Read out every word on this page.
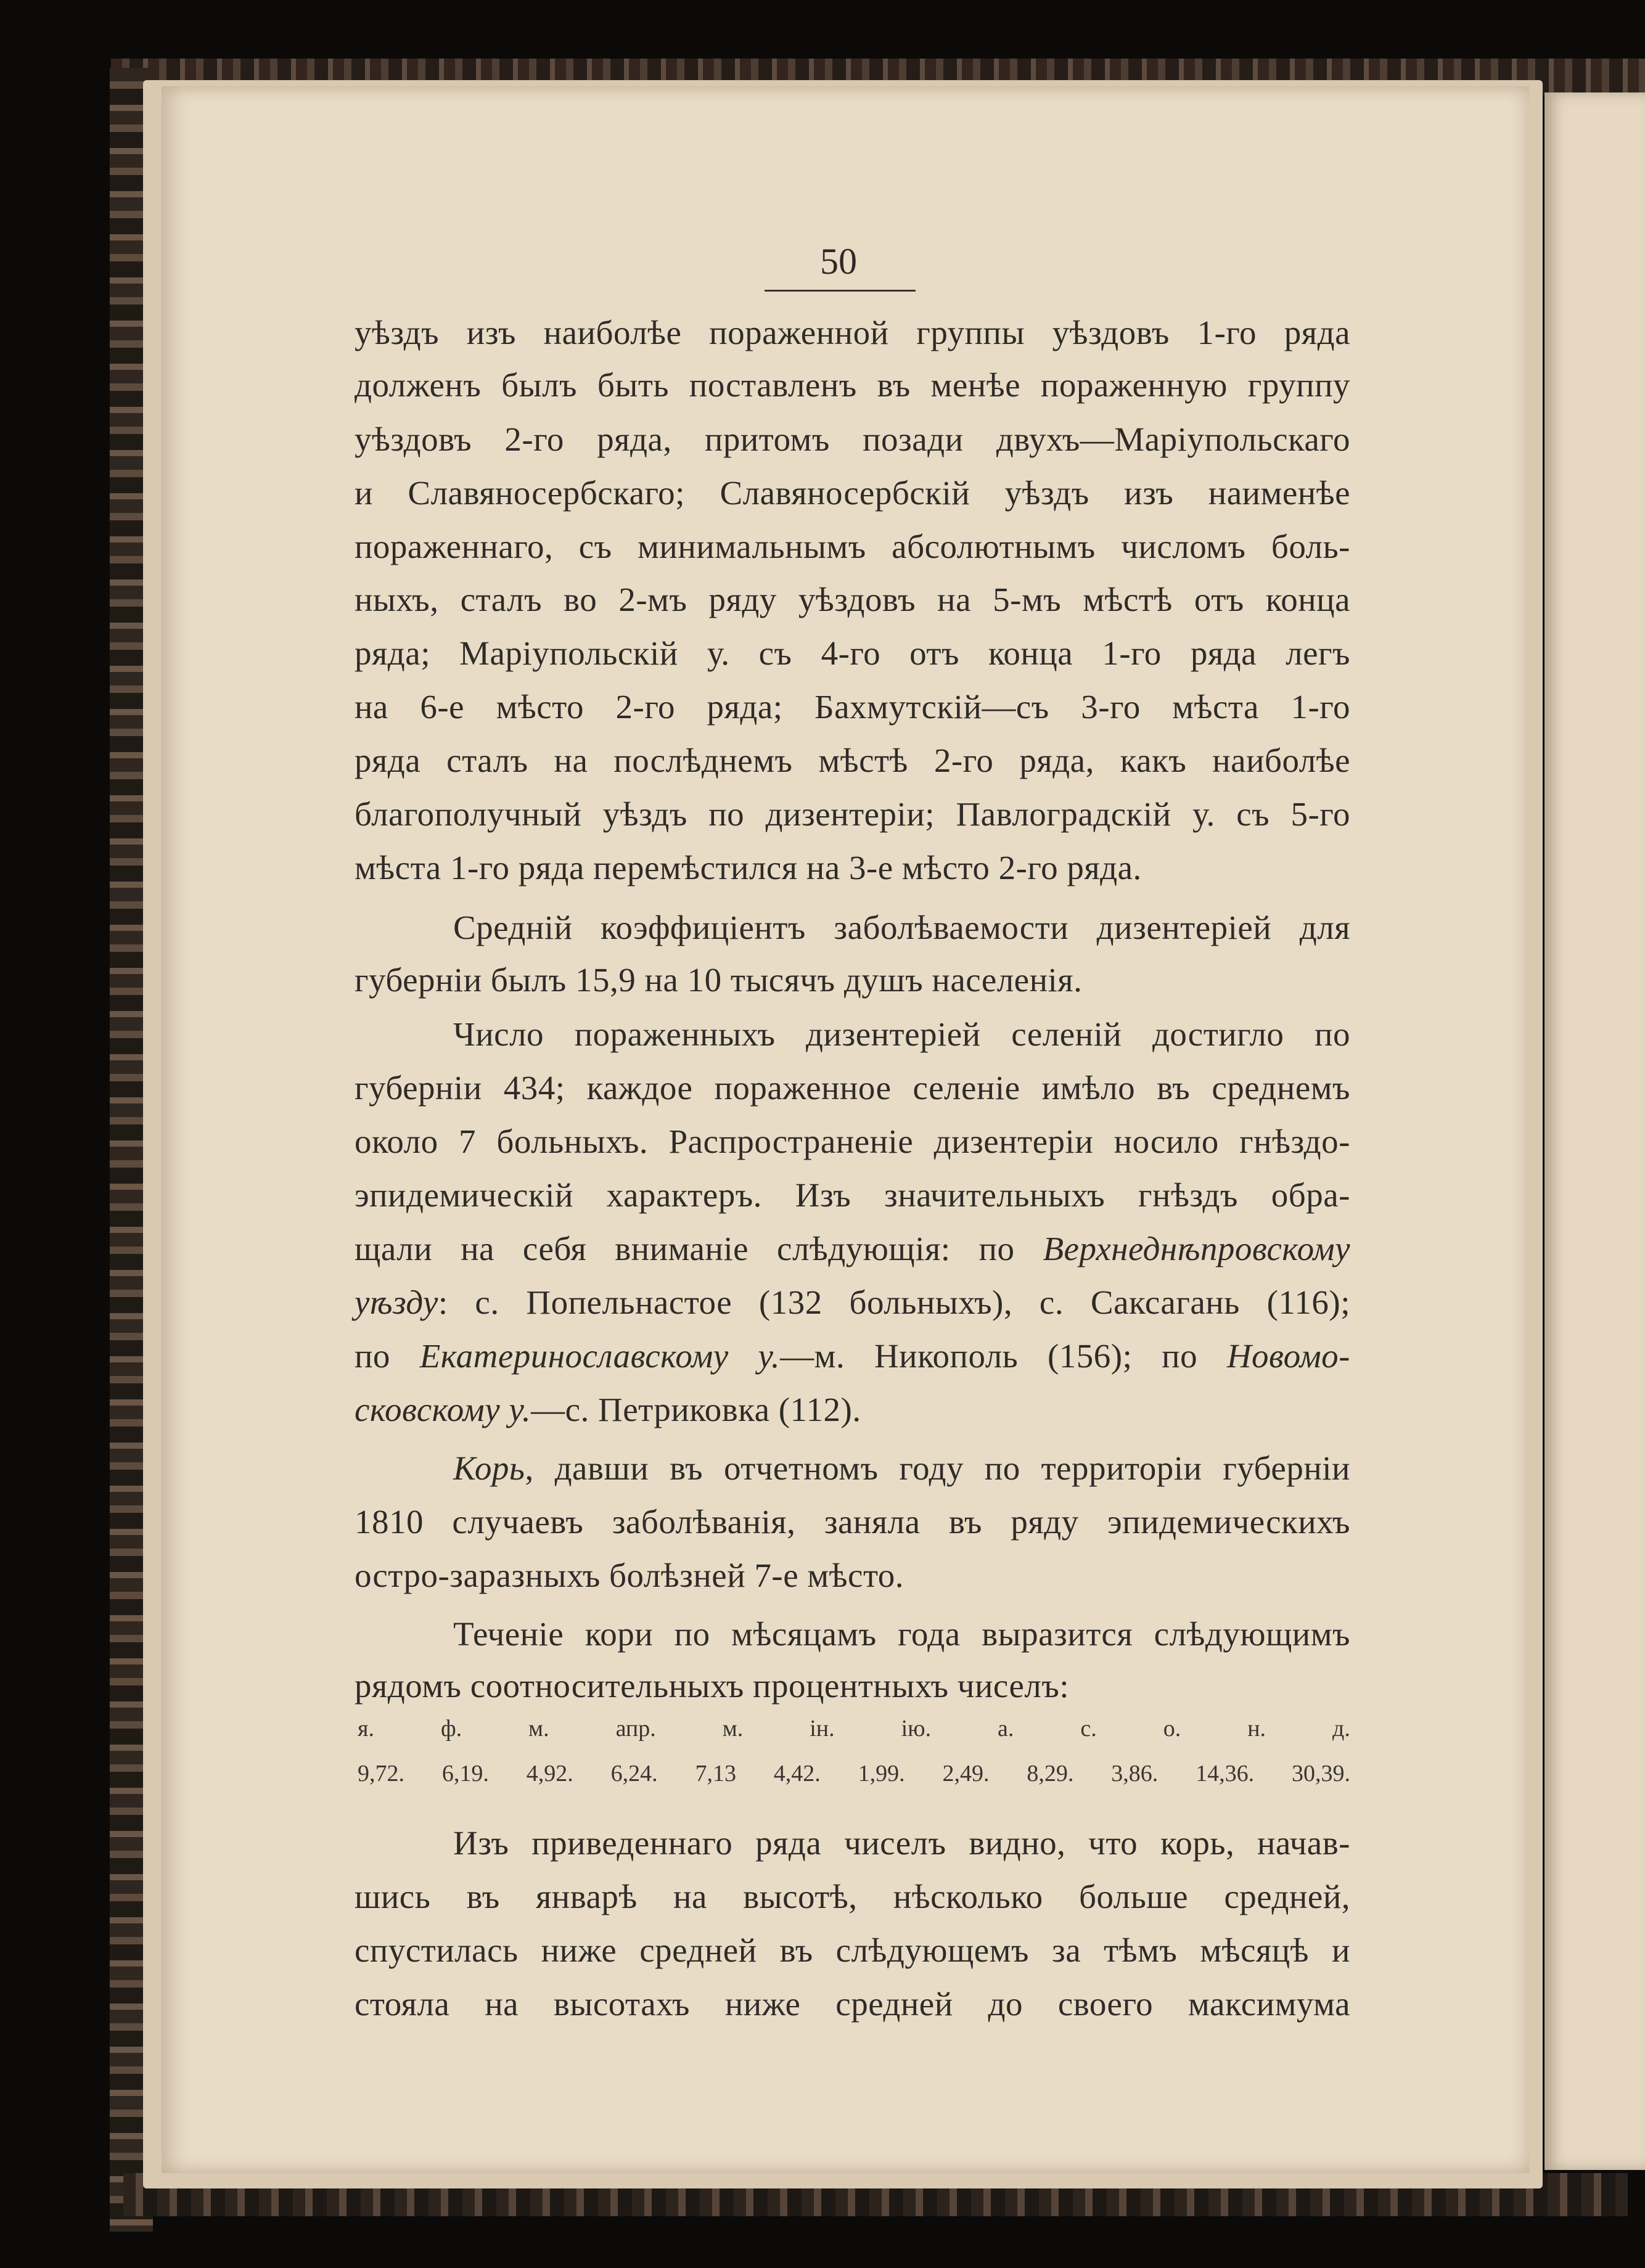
50
уѣздъ изъ наиболѣе пораженной группы уѣздовъ 1-го ряда
долженъ былъ быть поставленъ въ менѣе пораженную группу
уѣздовъ 2-го ряда, притомъ позади двухъ—Маріупольскаго
и Славяносербскаго; Славяносербскій уѣздъ изъ наименѣе
пораженнаго, съ минимальнымъ абсолютнымъ числомъ боль-
ныхъ, сталъ во 2-мъ ряду уѣздовъ на 5-мъ мѣстѣ отъ конца
ряда; Маріупольскій у. съ 4-го отъ конца 1-го ряда легъ
на 6-е мѣсто 2-го ряда; Бахмутскій—съ 3-го мѣста 1-го
ряда сталъ на послѣднемъ мѣстѣ 2-го ряда, какъ наиболѣе
благополучный уѣздъ по дизентеріи; Павлоградскій у. съ 5-го
мѣста 1-го ряда перемѣстился на 3-е мѣсто 2-го ряда.
Среднiй коэффиціентъ заболѣваемости дизентеріей для
губерніи былъ 15,9 на 10 тысячъ душъ населенія.
Число пораженныхъ дизентеріей селеній достигло по
губерніи 434; каждое пораженное селеніе имѣло въ среднемъ
около 7 больныхъ. Распространеніе дизентеріи носило гнѣздо-
эпидемическій характеръ. Изъ значительныхъ гнѣздъ обра-
щали на себя вниманіе слѣдующія: по Верхнеднѣпровскому
уѣзду: с. Попельнастое (132 больныхъ), с. Саксагань (116);
по Екатеринославскому у.—м. Никополь (156); по Новомо-
сковскому у.—с. Петриковка (112).
Корь, давши въ отчетномъ году по территоріи губерніи
1810 случаевъ заболѣванія, заняла въ ряду эпидемическихъ
остро-заразныхъ болѣзней 7-е мѣсто.
Теченіе кори по мѣсяцамъ года выразится слѣдующимъ
рядомъ соотносительныхъ процентныхъ чиселъ:
я.	ф.	м.	апр.	м.	ін.	ію.	а.	с.	о.	н.	д.
9,72. 6,19. 4,92. 6,24. 7,13 4,42. 1,99. 2,49. 8,29. 3,86. 14,36. 30,39.
Изъ приведеннаго ряда чиселъ видно, что корь, начав-
шись въ январѣ на высотѣ, нѣсколько больше средней,
спустилась ниже средней въ слѣдующемъ за тѣмъ мѣсяцѣ и
стояла на высотахъ ниже средней до своего максимума
